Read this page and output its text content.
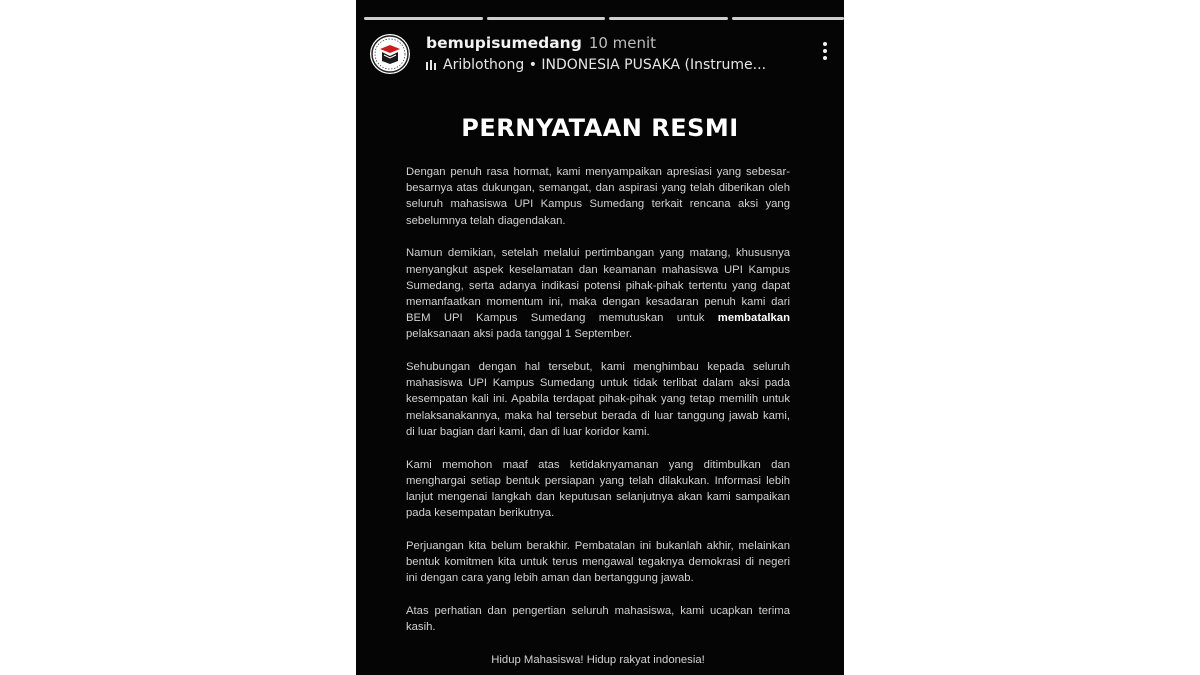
bemupisumedang 10 menit
Ariblothong • INDONESIA PUSAKA (Instrume...
PERNYATAAN RESMI

Dengan penuh rasa hormat, kami menyampaikan apresiasi yang sebesar-besarnya atas dukungan, semangat, dan aspirasi yang telah diberikan oleh seluruh mahasiswa UPI Kampus Sumedang terkait rencana aksi yang sebelumnya telah diagendakan.

Namun demikian, setelah melalui pertimbangan yang matang, khususnya menyangkut aspek keselamatan dan keamanan mahasiswa UPI Kampus Sumedang, serta adanya indikasi potensi pihak-pihak tertentu yang dapat memanfaatkan momentum ini, maka dengan kesadaran penuh kami dari BEM UPI Kampus Sumedang memutuskan untuk membatalkan pelaksanaan aksi pada tanggal 1 September.

Sehubungan dengan hal tersebut, kami menghimbau kepada seluruh mahasiswa UPI Kampus Sumedang untuk tidak terlibat dalam aksi pada kesempatan kali ini. Apabila terdapat pihak-pihak yang tetap memilih untuk melaksanakannya, maka hal tersebut berada di luar tanggung jawab kami, di luar bagian dari kami, dan di luar koridor kami.

Kami memohon maaf atas ketidaknyamanan yang ditimbulkan dan menghargai setiap bentuk persiapan yang telah dilakukan. Informasi lebih lanjut mengenai langkah dan keputusan selanjutnya akan kami sampaikan pada kesempatan berikutnya.

Perjuangan kita belum berakhir. Pembatalan ini bukanlah akhir, melainkan bentuk komitmen kita untuk terus mengawal tegaknya demokrasi di negeri ini dengan cara yang lebih aman dan bertanggung jawab.

Atas perhatian dan pengertian seluruh mahasiswa, kami ucapkan terima kasih.

Hidup Mahasiswa! Hidup rakyat indonesia!
